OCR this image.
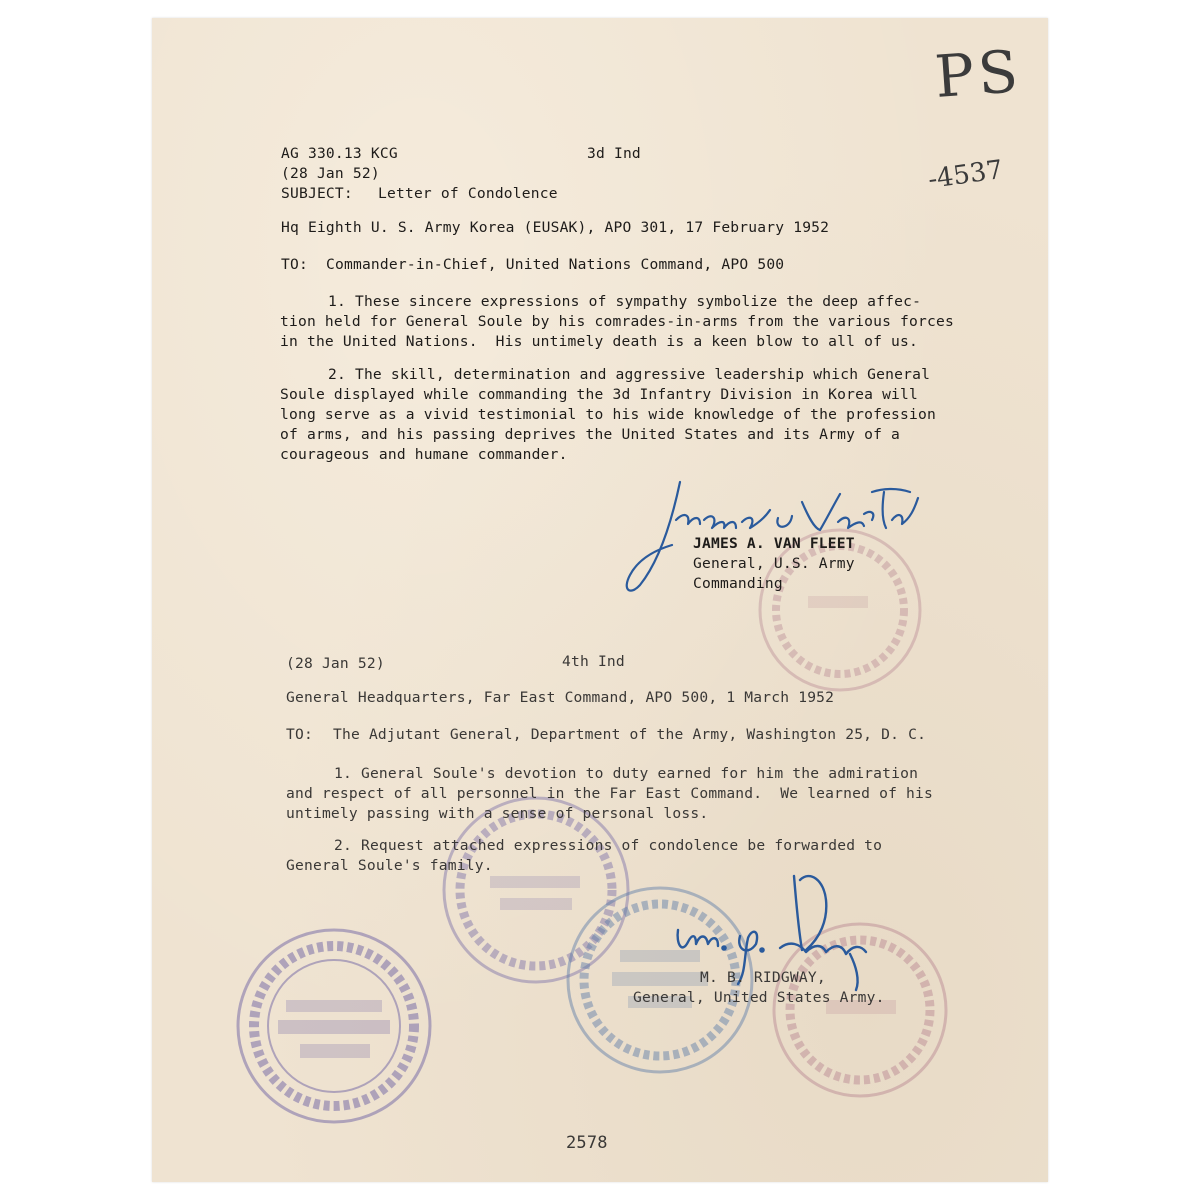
PS
-4537
AG 330.13 KCG	3d Ind
(28 Jan 52)
SUBJECT: Letter of Condolence
Hq Eighth U. S. Army Korea (EUSAK), APO 301, 17 February 1952
TO: Commander-in-Chief, United Nations Command, APO 500
1. These sincere expressions of sympathy symbolize the deep affec-
tion held for General Soule by his comrades-in-arms from the various forces
in the United Nations.  His untimely death is a keen blow to all of us.
2. The skill, determination and aggressive leadership which General
Soule displayed while commanding the 3d Infantry Division in Korea will
long serve as a vivid testimonial to his wide knowledge of the profession
of arms, and his passing deprives the United States and its Army of a
courageous and humane commander.
JAMES A. VAN FLEET
General, U.S. Army
Commanding
(28 Jan 52)	4th Ind
General Headquarters, Far East Command, APO 500, 1 March 1952
TO: The Adjutant General, Department of the Army, Washington 25, D. C.
1. General Soule's devotion to duty earned for him the admiration
and respect of all personnel in the Far East Command.  We learned of his
untimely passing with a sense of personal loss.
2. Request attached expressions of condolence be forwarded to
General Soule's family.
M. B. RIDGWAY,
General, United States Army.
2578
